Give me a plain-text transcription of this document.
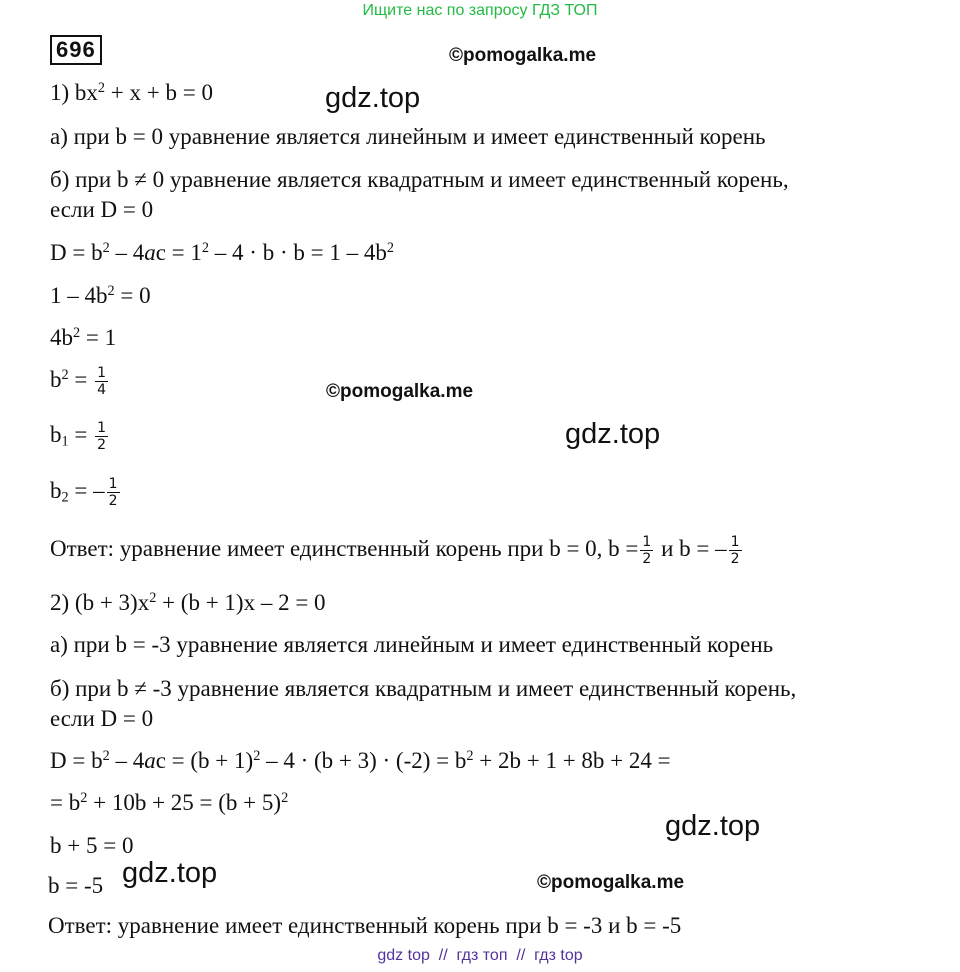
Ищите нас по запросу ГДЗ ТОП
696
1) $bx^2 + x + b = 0$
а) при b = 0 уравнение является линейным и имеет единственный корень
б) при b ≠ 0 уравнение является квадратным и имеет единственный корень,
если D = 0
$D = b^2 - 4ac = 1^2 - 4 \cdot b \cdot b = 1 - 4b^2$
$1 - 4b^2 = 0$
$4b^2 = 1$
$b^2 = \frac{1}{4}$
$b_1 = \frac{1}{2}$
$b_2$ = – $\frac{1}{2}$
Ответ: уравнение имеет единственный корень при b = 0, $b = \frac{1}{2}$ и b = – $\frac{1}{2}$
2) $(b + 3)x^2 + (b + 1)x - 2 = 0$
а) при b = -3 уравнение является линейным и имеет единственный корень
б) при b ≠ -3 уравнение является квадратным и имеет единственный корень,
если D = 0
$D = b^2 - 4ac = (b + 1)^2 - 4 \cdot (b + 3) \cdot (-2) = b^2 + 2b + 1 + 8b + 24$ =
= $b^2 + 10b + 25 = (b + 5)^2$
b + 5 = 0
b = -5
Ответ: уравнение имеет единственный корень при b = -3 и b = -5
©pomogalka.me
gdz.top
©pomogalka.me
gdz.top
gdz.top
gdz.top	©pomogalka.me
gdz top  //  гдз топ  //  гдз top
